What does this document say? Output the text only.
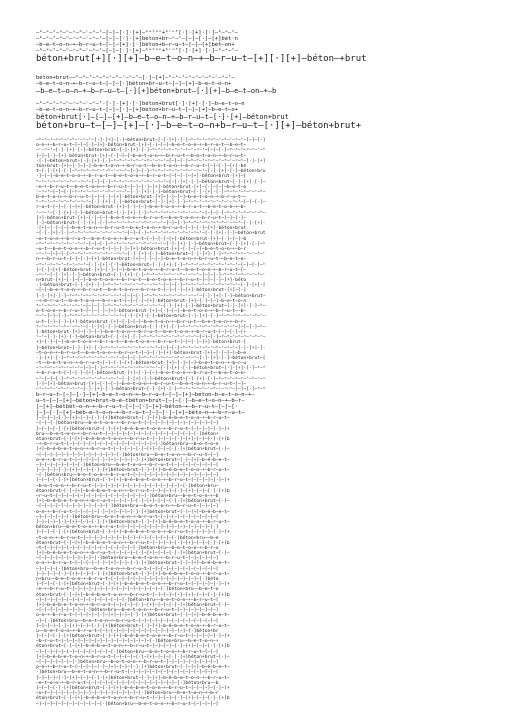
—ᵇ—ᵉ—ᵗ—ᵒ—ⁿ—⁺—ᵇ—ʳ—ᵘ—ᵗ—[—]—[·]·[+]—ᵇᵉᵗᵒⁿ+ᵇʳᵘᵗ[·]·[+]·[·]—ᵇ—ᵉ—ᵗ—
—ᵇ—ᵉ—ᵗ—ᵒ—ⁿ—⁺—ᵇ—ʳ—ᵘ—ᵗ—[—]—[·]·[+]béton+br—ᵘ—ᵗ—[—]—[·]—[+]bét·n
—b—e—t—o—n—+—b—r—u—t—[—]—[+]·[·]béton+b—r—u—t—[—]—[+]bét—on+
—ᵇ—ᵉ—ᵗ—ᵒ—ⁿ—⁺—ᵇ—ʳ—ᵘ—ᵗ—[—]—[·]·[+]—ᵇᵉᵗᵒⁿ+ᵇʳᵘᵗ[·]·[+]·[·]—ᵇ—ᵉ—ᵗ—
béton+brut[+][·][+]—b—e—t—o—n—+—b—r—u—t—[+][·][+]—béton—+brut
béton+brut——ᵇ—ᵉ—ᵗ—ᵒ—ⁿ—⁺—ᵇ—ʳ—ᵘ—ᵗ—[·]—[+]—ᵇ—ᵉ—ᵗ—ᵒ—ⁿ—⁺—ᵇ—ʳ—ᵘ—ᵗ—
—b—e—t—o—n—+—b—r—u—t—[—]—[·]béton+br—u—t—[—]—[+]—b—e—t—o—n+
—b—e—t—o—n—+—b—r—u—t—[·][+]béton+brut—[·][+]—b—e—t—on—+—b
—ᵇ—ᵉ—ᵗ—ᵒ—ⁿ—⁺—ᵇ—ʳ—ᵘ—ᵗ·[·]·[+]·[·]béton+brut[·]·[+]·[·]—b—e—t—o—n
—b—e—t—o—n—+—b—r—u—t—[—]—[·]—[+]béton+br—u—t—[—]—[+]—b—e—t—o+
béton+brut[·]—[—]—[+]—b—e—t—o—n—+—b—r—u—t—[·]·[+]—béton+brut
béton+bru—t—[—]—[+]—[·]—b—e—t—o—n+b—r—u—t—[·][+]—béton+brut+
—ᵇ—ᵉ—ᵗ—ᵒ—ⁿ—⁺—ᵇ—ʳ—ᵘ—ᵗ—[·]·[+]·[·]—béton+brut—[·]·[+]·[·]—ᵇ—ᵉ—ᵗ—ᵒ—ⁿ—⁺—ᵇ—ʳ—ᵘ—ᵗ—[—]—[·]
o—n—+—b—r—u—t—[—]—[·]—[+]·béton+brut·[+]—[·]—[—]—b—e—t—o—n—+—b—r—u—t——b—e—t—
—ʳ—ᵘ—ᵗ—[·]·[+]·[·]—béton+brut—[·]·[+]·[·]—ᵇ—ᵉ—ᵗ—ᵒ—ⁿ—⁺—ᵇ—ʳ—ᵘ—ᵗ—[—]—[·]—ᵇ—ᵉ—ᵗ—ᵒ—ⁿ—⁺—ᵇ
[—]—[·]—[+]·béton+brut·[+]—[·]—[—]—b—e—t—o—n—+—b—r—u—t——b—e—t—o—n—+—b—r—u—t—
·[·]—béton+brut—[·]·[+]·[·]—ᵇ—ᵉ—ᵗ—ᵒ—ⁿ—⁺—ᵇ—ʳ—ᵘ—ᵗ—[—]—[·]—ᵇ—ᵉ—ᵗ—ᵒ—ⁿ—⁺—ᵇ—ʳ—ᵘ—ᵗ—[·]·[+]
ton+brut·[+]—[·]—[—]—b—e—t—o—n—+—b—r—u—t——b—e—t—o—n—+—b—r—u—t—[—]—[·]—[+]·bé
t—[·]·[+]·[·]—ᵇ—ᵉ—ᵗ—ᵒ—ⁿ—⁺—ᵇ—ʳ—ᵘ—ᵗ—[—]—[·]—ᵇ—ᵉ—ᵗ—ᵒ—ⁿ—⁺—ᵇ—ʳ—ᵘ—ᵗ—[·]·[+]·[·]—béton+bru
·]—[—]—b—e—t—o—n—+—b—r—u—t——b—e—t—o—n—+—b—r—u—t—[—]—[·]—[+]·béton+brut·[+]—[
ᵇ—ᵉ—ᵗ—ᵒ—ⁿ—⁺—ᵇ—ʳ—ᵘ—ᵗ—[—]—[·]—ᵇ—ᵉ—ᵗ—ᵒ—ⁿ—⁺—ᵇ—ʳ—ᵘ—ᵗ—[·]·[+]·[·]—béton+brut—[·]·[+]·[·]—
—n—+—b—r—u—t——b—e—t—o—n—+—b—r—u—t—[—]—[·]—[+]·béton+brut·[+]—[·]—[—]—b—e—t—o
ʳ—ᵘ—ᵗ—[—]—[·]—ᵇ—ᵉ—ᵗ—ᵒ—ⁿ—⁺—ᵇ—ʳ—ᵘ—ᵗ—[·]·[+]·[·]—béton+brut—[·]·[+]·[·]—ᵇ—ᵉ—ᵗ—ᵒ—ⁿ—⁺—ᵇ—
b—e—t—o—n—+—b—r—u—t—[—]—[·]—[+]·béton+brut·[+]—[·]—[—]—b—e—t—o—n—+—b—r—u—t——
ᵇ—ᵉ—ᵗ—ᵒ—ⁿ—⁺—ᵇ—ʳ—ᵘ—ᵗ—[·]·[+]·[·]—béton+brut—[·]·[+]·[·]—ᵇ—ᵉ—ᵗ—ᵒ—ⁿ—⁺—ᵇ—ʳ—ᵘ—ᵗ—[—]—[·]—
r—u—t—[—]—[·]—[+]·béton+brut·[+]—[·]—[—]—b—e—t—o—n—+—b—r—u—t——b—e—t—o—n—+—b—
ʳ—ᵘ—ᵗ—[·]·[+]·[·]—béton+brut—[·]·[+]·[·]—ᵇ—ᵉ—ᵗ—ᵒ—ⁿ—⁺—ᵇ—ʳ—ᵘ—ᵗ—[—]—[·]—ᵇ—ᵉ—ᵗ—ᵒ—ⁿ—⁺—ᵇ—
[+]·béton+brut·[+]—[·]—[—]—b—e—t—o—n—+—b—r—u—t——b—e—t—o—n—+—b—r—u—t—[—]—[·]—
[·]—béton+brut—[·]·[+]·[·]—ᵇ—ᵉ—ᵗ—ᵒ—ⁿ—⁺—ᵇ—ʳ—ᵘ—ᵗ—[—]—[·]—ᵇ—ᵉ—ᵗ—ᵒ—ⁿ—⁺—ᵇ—ʳ—ᵘ—ᵗ—[·]·[+]·
·[+]—[·]—[—]—b—e—t—o—n—+—b—r—u—t——b—e—t—o—n—+—b—r—u—t—[—]—[·]—[+]·béton+brut
—[·]·[+]·[·]—ᵇ—ᵉ—ᵗ—ᵒ—ⁿ—⁺—ᵇ—ʳ—ᵘ—ᵗ—[—]—[·]—ᵇ—ᵉ—ᵗ—ᵒ—ⁿ—⁺—ᵇ—ʳ—ᵘ—ᵗ—[·]·[+]·[·]—béton+brut
—e—t—o—n—+—b—r—u—t——b—e—t—o—n—+—b—r—u—t—[—]—[·]—[+]·béton+brut·[+]—[·]—[—]—b
—ᵉ—ᵗ—ᵒ—ⁿ—⁺—ᵇ—ʳ—ᵘ—ᵗ—[—]—[·]—ᵇ—ᵉ—ᵗ—ᵒ—ⁿ—⁺—ᵇ—ʳ—ᵘ—ᵗ—[·]·[+]·[·]—béton+brut—[·]·[+]·[·]—ᵇ
—u—t——b—e—t—o—n—+—b—r—u—t—[—]—[·]—[+]·béton+brut·[+]—[·]—[—]—b—e—t—o—n—+—b—r
—ᵘ—ᵗ—[—]—[·]—ᵇ—ᵉ—ᵗ—ᵒ—ⁿ—⁺—ᵇ—ʳ—ᵘ—ᵗ—[·]·[+]·[·]—béton+brut—[·]·[+]·[·]—ᵇ—ᵉ—ᵗ—ᵒ—ⁿ—⁺—ᵇ—ʳ
n—+—b—r—u—t—[—]—[·]—[+]·béton+brut·[+]—[·]—[—]—b—e—t—o—n—+—b—r—u—t——b—e—t—o—
—ᵉ—ᵗ—ᵒ—ⁿ—⁺—ᵇ—ʳ—ᵘ—ᵗ—[·]·[+]·[·]—béton+brut—[·]·[+]·[·]—ᵇ—ᵉ—ᵗ—ᵒ—ⁿ—⁺—ᵇ—ʳ—ᵘ—ᵗ—[—]—[·]—ᵇ
]—[·]—[+]·béton+brut·[+]—[·]—[—]—b—e—t—o—n—+—b—r—u—t——b—e—t—o—n—+—b—r—u—t—[—
—ᵘ—ᵗ—[·]·[+]·[·]—béton+brut—[·]·[+]·[·]—ᵇ—ᵉ—ᵗ—ᵒ—ⁿ—⁺—ᵇ—ʳ—ᵘ—ᵗ—[—]—[·]—ᵇ—ᵉ—ᵗ—ᵒ—ⁿ—⁺—ᵇ—ʳ
n+brut·[+]—[·]—[—]—b—e—t—o—n—+—b—r—u—t——b—e—t—o—n—+—b—r—u—t—[—]—[·]—[+]·béto
·]—béton+brut—[·]·[+]·[·]—ᵇ—ᵉ—ᵗ—ᵒ—ⁿ—⁺—ᵇ—ʳ—ᵘ—ᵗ—[—]—[·]—ᵇ—ᵉ—ᵗ—ᵒ—ⁿ—⁺—ᵇ—ʳ—ᵘ—ᵗ—[·]·[+]·[
—[—]—b—e—t—o—n—+—b—r—u—t——b—e—t—o—n—+—b—r—u—t—[—]—[·]—[+]·béton+brut·[+]—[·]
[·]·[+]·[·]—ᵇ—ᵉ—ᵗ—ᵒ—ⁿ—⁺—ᵇ—ʳ—ᵘ—ᵗ—[—]—[·]—ᵇ—ᵉ—ᵗ—ᵒ—ⁿ—⁺—ᵇ—ʳ—ᵘ—ᵗ—[·]·[+]·[·]—béton+brut—
—+—b—r—u—t——b—e—t—o—n—+—b—r—u—t—[—]—[·]—[+]·béton+brut·[+]—[·]—[—]—b—e—t—o—n
ᵉ—ᵗ—ᵒ—ⁿ—⁺—ᵇ—ʳ—ᵘ—ᵗ—[—]—[·]—ᵇ—ᵉ—ᵗ—ᵒ—ⁿ—⁺—ᵇ—ʳ—ᵘ—ᵗ—[·]·[+]·[·]—béton+brut—[·]·[+]·[·]—ᵇ—
e—t—o—n—+—b—r—u—t—[—]—[·]—[+]·béton+brut·[+]—[·]—[—]—b—e—t—o—n—+—b—r—u—t——b—
ᵘ—ᵗ—[—]—[·]—ᵇ—ᵉ—ᵗ—ᵒ—ⁿ—⁺—ᵇ—ʳ—ᵘ—ᵗ—[·]·[+]·[·]—béton+brut—[·]·[+]·[·]—ᵇ—ᵉ—ᵗ—ᵒ—ⁿ—⁺—ᵇ—ʳ—
u—t—[—]—[·]—[+]·béton+brut·[+]—[·]—[—]—b—e—t—o—n—+—b—r—u—t——b—e—t—o—n—+—b—r—
ᵉ—ᵗ—ᵒ—ⁿ—⁺—ᵇ—ʳ—ᵘ—ᵗ—[·]·[+]·[·]—béton+brut—[·]·[+]·[·]—ᵇ—ᵉ—ᵗ—ᵒ—ⁿ—⁺—ᵇ—ʳ—ᵘ—ᵗ—[—]—[·]—ᵇ—
]·béton+brut·[+]—[·]—[—]—b—e—t—o—n—+—b—r—u—t——b—e—t—o—n—+—b—r—u—t—[—]—[·]—[+
ᵘ—ᵗ—[·]·[+]·[·]—béton+brut—[·]·[+]·[·]—ᵇ—ᵉ—ᵗ—ᵒ—ⁿ—⁺—ᵇ—ʳ—ᵘ—ᵗ—[—]—[·]—ᵇ—ᵉ—ᵗ—ᵒ—ⁿ—⁺—ᵇ—ʳ—
+]—[·]—[—]—b—e—t—o—n—+—b—r—u—t——b—e—t—o—n—+—b—r—u—t—[—]—[·]—[+]·béton+brut·[
]—béton+brut—[·]·[+]·[·]—ᵇ—ᵉ—ᵗ—ᵒ—ⁿ—⁺—ᵇ—ʳ—ᵘ—ᵗ—[—]—[·]—ᵇ—ᵉ—ᵗ—ᵒ—ⁿ—⁺—ᵇ—ʳ—ᵘ—ᵗ—[·]·[+]·[·
—t—o—n—+—b—r—u—t——b—e—t—o—n—+—b—r—u—t—[—]—[·]—[+]·béton+brut·[+]—[·]—[—]—b—e
·]·[+]·[·]—ᵇ—ᵉ—ᵗ—ᵒ—ⁿ—⁺—ᵇ—ʳ—ᵘ—ᵗ—[—]—[·]—ᵇ—ᵉ—ᵗ—ᵒ—ⁿ—⁺—ᵇ—ʳ—ᵘ—ᵗ—[·]·[+]·[·]—béton+brut—[
—t——b—e—t—o—n—+—b—r—u—t—[—]—[·]—[+]·béton+brut·[+]—[·]—[—]—b—e—t—o—n—+—b—r—u
—ᵗ—ᵒ—ⁿ—⁺—ᵇ—ʳ—ᵘ—ᵗ—[—]—[·]—ᵇ—ᵉ—ᵗ—ᵒ—ⁿ—⁺—ᵇ—ʳ—ᵘ—ᵗ—[·]·[+]·[·]—béton+brut—[·]·[+]·[·]—ᵇ—ᵉ
+—b—r—u—t—[—]—[·]—[+]·béton+brut·[+]—[·]—[—]—b—e—t—o—n—+—b—r—u—t——b—e—t—o—n—
—ᵗ—[—]—[·]—ᵇ—ᵉ—ᵗ—ᵒ—ⁿ—⁺—ᵇ—ʳ—ᵘ—ᵗ—[·]·[+]·[·]—béton+brut—[·]·[+]·[·]—ᵇ—ᵉ—ᵗ—ᵒ—ⁿ—⁺—ᵇ—ʳ—ᵘ
[·]—[+]·béton+brut·[+]—[·]—[—]—b—e—t—o—n—+—b—r—u—t——b—e—t—o—n—+—b—r—u—t—[—]—
—ᵗ—ᵒ—ⁿ—⁺—ᵇ—ʳ—ᵘ—ᵗ—[·]·[+]·[·]—béton+brut—[·]·[+]·[·]—ᵇ—ᵉ—ᵗ—ᵒ—ⁿ—⁺—ᵇ—ʳ—ᵘ—ᵗ—[—]—[·]—ᵇ—ᵉ
b—r—u—t—[—]—[·]—[+]—b—e—t—o—n—+—b—r—u—t—[—]—[+]—béton—b—e—t—o—n—+—
u—t—[—]—[+]—béton+brut—b—é—tbéton+brut—[—]—[·]—b—e—t—o—n—+—b—r—
]—[+]—bétbét—o—n—+—b—r—u—t—[—]—[·]—[+]—béton—+—b—r—u—t—[—]—[·
[—]—[·]—[+]—béb—e—t—o—n—+—b—r—u—t—[—]—[·]—[+]—béto—n—+—b—r—u—t—
[—]—[—]—[·]—[+]—[—]—[·]·[+]béton+brut—[·]—[+]—b—é—b—e—t—o—n—+—b—r—u—t—
—[—]—[·]béton+bru——b—e—t—o—n—+—b—r—u—t—[—]—[—]—[—]—[—]—[—]—[—]—[—]
]—[—]—[·]·[+]béton+brut—[·]—[+]—b—é—b—e—t—o—n—+—b—r—u—t—[—]—[—]—[·]—[+
bru——b—e—t—o—n—+—b—r—u—t—[—]—[—]—[—]—[—]—[—]—[—]—[—]—[—]—[·]béton+
éton+brut—[·]—[+]—b—é—b—e—t—o—n—+—b—r—u—t—[—]—[—]—[·]—[+]—[—]—[·]·[+]b
—+—b—r—u—t—[—]—[—]—[—]—[—]—[—]—[—]—[—]—[—]—[·]béton+bru——b—e—t—o—n
[+]—b—é—b—e—t—o—n—+—b—r—u—t—[—]—[—]—[·]—[+]—[—]—[·]·[+]béton+brut—[·]—
—[—]—[—]—[—]—[—]—[—]—[—]—[—]—[·]béton+bru——b—e—t—o—n—+—b—r—u—t—[—]
o—n—+—b—r—u—t—[—]—[—]—[·]—[+]—[—]—[·]·[+]béton+brut—[·]—[+]—b—é—b—e—t—
—]—[—]—[—]—[—]—[·]béton+bru——b—e—t—o—n—+—b—r—u—t—[—]—[—]—[—]—[—]—[
[—]—[—]—[·]—[+]—[—]—[·]·[+]béton+brut—[·]—[+]—b—é—b—e—t—o—n—+—b—r—u—t—
—[·]béton+bru——b—e—t—o—n—+—b—r—u—t—[—]—[—]—[—]—[—]—[—]—[—]—[—]—[—]
]—[—]—[·]·[+]béton+brut—[·]—[+]—b—é—b—e—t—o—n—+—b—r—u—t—[—]—[—]—[·]—[+
—b—e—t—o—n—+—b—r—u—t—[—]—[—]—[—]—[—]—[—]—[—]—[—]—[—]—[·]béton+bru—
éton+brut—[·]—[+]—b—é—b—e—t—o—n—+—b—r—u—t—[—]—[—]—[·]—[+]—[—]—[·]·[+]b
—r—u—t—[—]—[—]—[—]—[—]—[—]—[—]—[—]—[—]—[·]béton+bru——b—e—t—o—n—+—b
[+]—b—é—b—e—t—o—n—+—b—r—u—t—[—]—[—]—[·]—[+]—[—]—[·]·[+]béton+brut—[·]—
—[—]—[—]—[—]—[—]—[—]—[—]—[·]béton+bru——b—e—t—o—n—+—b—r—u—t—[—]—[—]
o—n—+—b—r—u—t—[—]—[—]—[·]—[+]—[—]—[·]·[+]béton+brut—[·]—[+]—b—é—b—e—t—
—]—[—]—[—]—[·]béton+bru——b—e—t—o—n—+—b—r—u—t—[—]—[—]—[—]—[—]—[—]—[
[—]—[—]—[·]—[+]—[—]—[·]·[+]béton+brut—[·]—[+]—b—é—b—e—t—o—n—+—b—r—u—t—
béton+bru——b—e—t—o—n—+—b—r—u—t—[—]—[—]—[—]—[—]—[—]—[—]—[—]—[—]—[·]
]—[—]—[·]·[+]béton+brut—[·]—[+]—b—é—b—e—t—o—n—+—b—r—u—t—[—]—[—]—[·]—[+
—t—o—n—+—b—r—u—t—[—]—[—]—[—]—[—]—[—]—[—]—[—]—[—]—[·]béton+bru——b—e
éton+brut—[·]—[+]—b—é—b—e—t—o—n—+—b—r—u—t—[—]—[—]—[·]—[+]—[—]—[·]·[+]b
—t—[—]—[—]—[—]—[—]—[—]—[—]—[—]—[—]—[·]béton+bru——b—e—t—o—n—+—b—r—u
[+]—b—é—b—e—t—o—n—+—b—r—u—t—[—]—[—]—[·]—[+]—[—]—[·]·[+]béton+brut—[·]—
—[—]—[—]—[—]—[—]—[—]—[·]béton+bru——b—e—t—o—n—+—b—r—u—t—[—]—[—]—[—]
o—n—+—b—r—u—t—[—]—[—]—[·]—[+]—[—]—[·]·[+]béton+brut—[·]—[+]—b—é—b—e—t—
—]—[—]—[·]béton+bru——b—e—t—o—n—+—b—r—u—t—[—]—[—]—[—]—[—]—[—]—[—]—[
[—]—[—]—[·]—[+]—[—]—[·]·[+]béton+brut—[·]—[+]—b—é—b—e—t—o—n—+—b—r—u—t—
n+bru——b—e—t—o—n—+—b—r—u—t—[—]—[—]—[—]—[—]—[—]—[—]—[—]—[—]—[·]béto
]—[—]—[·]·[+]béton+brut—[·]—[+]—b—é—b—e—t—o—n—+—b—r—u—t—[—]—[—]—[·]—[+
—n—+—b—r—u—t—[—]—[—]—[—]—[—]—[—]—[—]—[—]—[—]—[·]béton+bru——b—e—t—o
éton+brut—[·]—[+]—b—é—b—e—t—o—n—+—b—r—u—t—[—]—[—]—[·]—[+]—[—]—[·]·[+]b
—]—[—]—[—]—[—]—[—]—[—]—[—]—[—]—[·]béton+bru——b—e—t—o—n—+—b—r—u—t—[
[+]—b—é—b—e—t—o—n—+—b—r—u—t—[—]—[—]—[·]—[+]—[—]—[·]·[+]béton+brut—[·]—
—[—]—[—]—[—]—[—]—[·]béton+bru——b—e—t—o—n—+—b—r—u—t—[—]—[—]—[—]—[—]
o—n—+—b—r—u—t—[—]—[—]—[·]—[+]—[—]—[·]·[+]béton+brut—[·]—[+]—b—é—b—e—t—
—]—[·]béton+bru——b—e—t—o—n—+—b—r—u—t—[—]—[—]—[—]—[—]—[—]—[—]—[—]—[
[—]—[—]—[·]—[+]—[—]—[·]·[+]béton+brut—[·]—[+]—b—é—b—e—t—o—n—+—b—r—u—t—
u——b—e—t—o—n—+—b—r—u—t—[—]—[—]—[—]—[—]—[—]—[—]—[—]—[—]—[·]béton+br
]—[—]—[·]·[+]béton+brut—[·]—[+]—b—é—b—e—t—o—n—+—b—r—u—t—[—]—[—]—[·]—[+
—b—r—u—t—[—]—[—]—[—]—[—]—[—]—[—]—[—]—[—]—[·]béton+bru——b—e—t—o—n—+
éton+brut—[·]—[+]—b—é—b—e—t—o—n—+—b—r—u—t—[—]—[—]—[·]—[+]—[—]—[·]·[+]b
—]—[—]—[—]—[—]—[—]—[—]—[—]—[·]béton+bru——b—e—t—o—n—+—b—r—u—t—[—]—[
[+]—b—é—b—e—t—o—n—+—b—r—u—t—[—]—[—]—[·]—[+]—[—]—[·]·[+]béton+brut—[·]—
—[—]—[—]—[—]—[·]béton+bru——b—e—t—o—n—+—b—r—u—t—[—]—[—]—[—]—[—]—[—]
o—n—+—b—r—u—t—[—]—[—]—[·]—[+]—[—]—[·]·[+]béton+brut—[·]—[+]—b—é—b—e—t—
·]béton+bru——b—e—t—o—n—+—b—r—u—t—[—]—[—]—[—]—[—]—[—]—[—]—[—]—[—]—[
[—]—[—]—[·]—[+]—[—]—[·]·[+]béton+brut—[·]—[+]—b—é—b—e—t—o—n—+—b—r—u—t—
—e—t—o—n—+—b—r—u—t—[—]—[—]—[—]—[—]—[—]—[—]—[—]—[—]—[·]béton+bru——b
]—[—]—[·]·[+]béton+brut—[·]—[+]—b—é—b—e—t—o—n—+—b—r—u—t—[—]—[—]—[·]—[+
—u—t—[—]—[—]—[—]—[—]—[—]—[—]—[—]—[—]—[·]béton+bru——b—e—t—o—n—+—b—r
éton+brut—[·]—[+]—b—é—b—e—t—o—n—+—b—r—u—t—[—]—[—]—[·]—[+]—[—]—[·]·[+]b
—]—[—]—[—]—[—]—[—]—[—]—[·]béton+bru——b—e—t—o—n—+—b—r—u—t—[—]—[—]—[
